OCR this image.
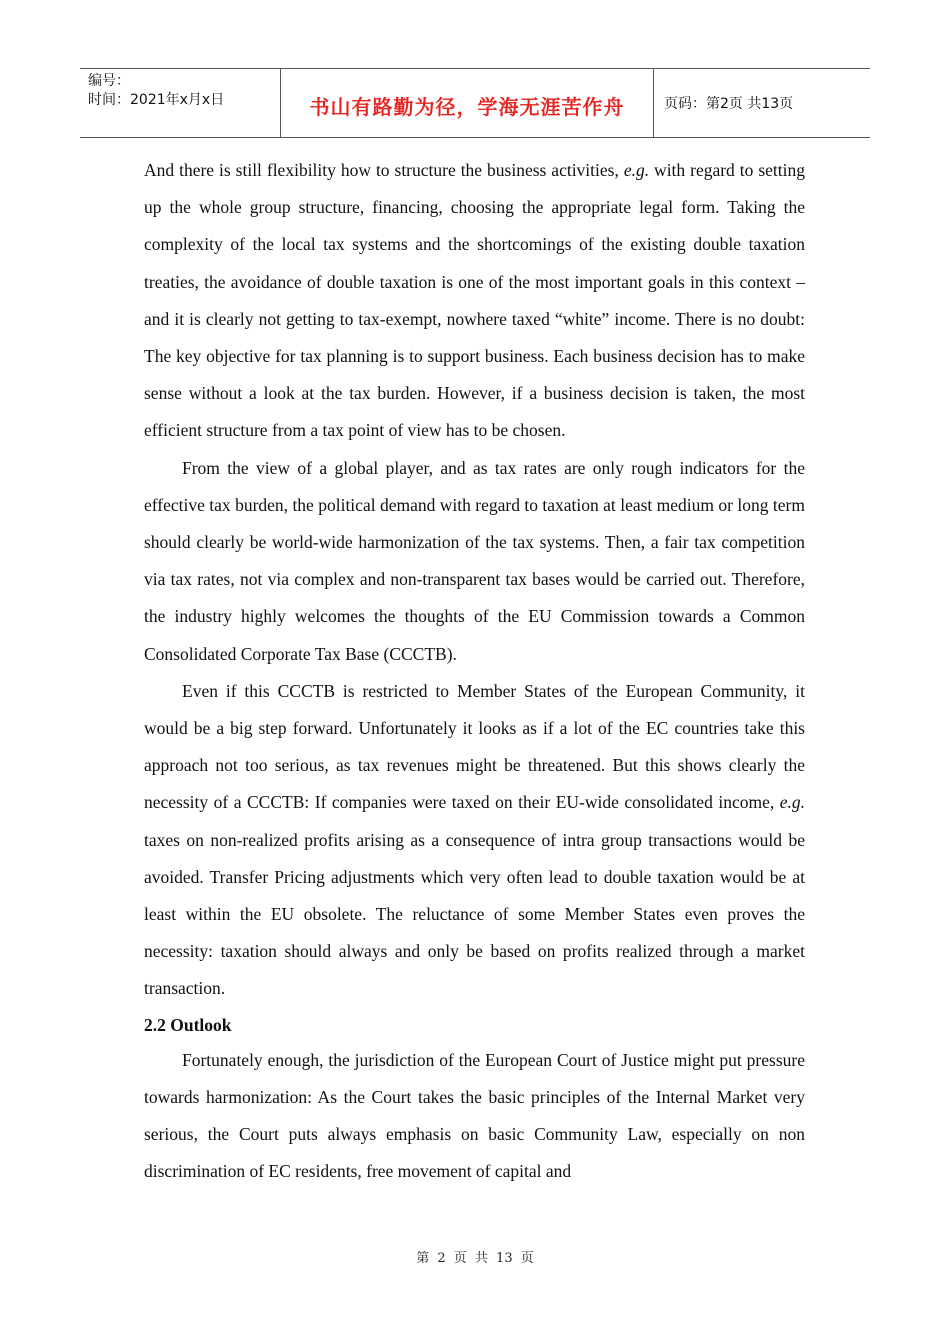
编号：
时间：2021年x月x日	书山有路勤为径，学海无涯苦作舟	页码：第2页 共13页

And there is still flexibility how to structure the business activities, e.g. with regard to setting up the whole group structure, financing, choosing the appropriate legal form. Taking the complexity of the local tax systems and the shortcomings of the existing double taxation treaties, the avoidance of double taxation is one of the most important goals in this context – and it is clearly not getting to tax-exempt, nowhere taxed “white” income. There is no doubt: The key objective for tax planning is to support business. Each business decision has to make sense without a look at the tax burden. However, if a business decision is taken, the most efficient structure from a tax point of view has to be chosen.

From the view of a global player, and as tax rates are only rough indicators for the effective tax burden, the political demand with regard to taxation at least medium or long term should clearly be world-wide harmonization of the tax systems. Then, a fair tax competition via tax rates, not via complex and non-transparent tax bases would be carried out. Therefore, the industry highly welcomes the thoughts of the EU Commission towards a Common Consolidated Corporate Tax Base (CCCTB).

Even if this CCCTB is restricted to Member States of the European Community, it would be a big step forward. Unfortunately it looks as if a lot of the EC countries take this approach not too serious, as tax revenues might be threatened. But this shows clearly the necessity of a CCCTB: If companies were taxed on their EU-wide consolidated income, e.g. taxes on non-realized profits arising as a consequence of intra group transactions would be avoided. Transfer Pricing adjustments which very often lead to double taxation would be at least within the EU obsolete. The reluctance of some Member States even proves the necessity: taxation should always and only be based on profits realized through a market transaction.

2.2 Outlook

Fortunately enough, the jurisdiction of the European Court of Justice might put pressure towards harmonization: As the Court takes the basic principles of the Internal Market very serious, the Court puts always emphasis on basic Community Law, especially on non discrimination of EC residents, free movement of capital and

第 2 页 共 13 页
